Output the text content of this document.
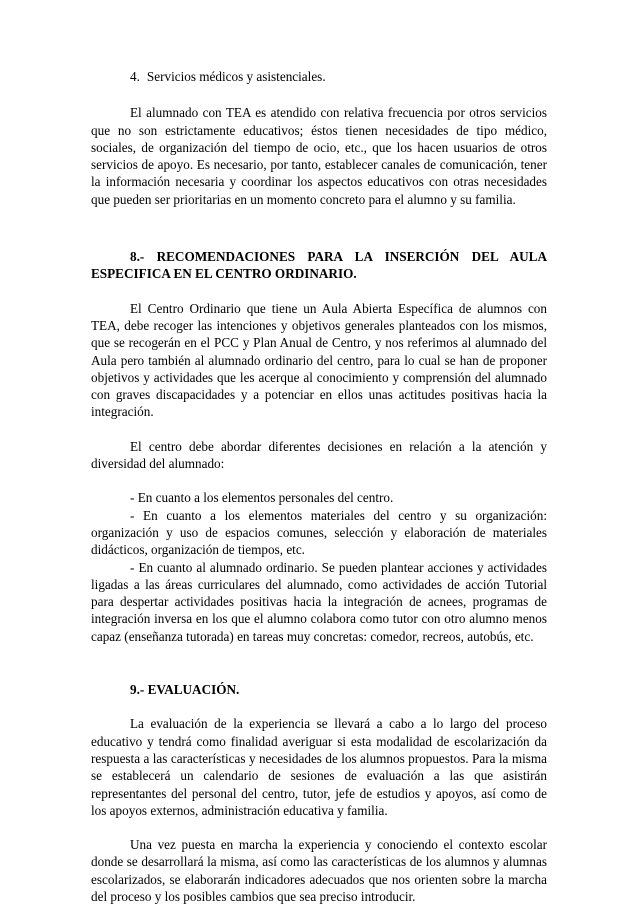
4. Servicios médicos y asistenciales.

El alumnado con TEA es atendido con relativa frecuencia por otros servicios que no son estrictamente educativos; éstos tienen necesidades de tipo médico, sociales, de organización del tiempo de ocio, etc., que los hacen usuarios de otros servicios de apoyo. Es necesario, por tanto, establecer canales de comunicación, tener la información necesaria y coordinar los aspectos educativos con otras necesidades que pueden ser prioritarias en un momento concreto para el alumno y su familia.

8.- RECOMENDACIONES PARA LA INSERCIÓN DEL AULA ESPECIFICA EN EL CENTRO ORDINARIO.

El Centro Ordinario que tiene un Aula Abierta Específica de alumnos con TEA, debe recoger las intenciones y objetivos generales planteados con los mismos, que se recogerán en el PCC y Plan Anual de Centro, y nos referimos al alumnado del Aula pero también al alumnado ordinario del centro, para lo cual se han de proponer objetivos y actividades que les acerque al conocimiento y comprensión del alumnado con graves discapacidades y a potenciar en ellos unas actitudes positivas hacia la integración.

El centro debe abordar diferentes decisiones en relación a la atención y diversidad del alumnado:

- En cuanto a los elementos personales del centro.

- En cuanto a los elementos materiales del centro y su organización: organización y uso de espacios comunes, selección y elaboración de materiales didácticos, organización de tiempos, etc.

- En cuanto al alumnado ordinario. Se pueden plantear acciones y actividades ligadas a las áreas curriculares del alumnado, como actividades de acción Tutorial para despertar actividades positivas hacia la integración de acnees, programas de integración inversa en los que el alumno colabora como tutor con otro alumno menos capaz (enseñanza tutorada) en tareas muy concretas: comedor, recreos, autobús, etc.

9.- EVALUACIÓN.

La evaluación de la experiencia se llevará a cabo a lo largo del proceso educativo y tendrá como finalidad averiguar si esta modalidad de escolarización da respuesta a las características y necesidades de los alumnos propuestos. Para la misma se establecerá un calendario de sesiones de evaluación a las que asistirán representantes del personal del centro, tutor, jefe de estudios y apoyos, así como de los apoyos externos, administración educativa y familia.

Una vez puesta en marcha la experiencia y conociendo el contexto escolar donde se desarrollará la misma, así como las características de los alumnos y alumnas escolarizados, se elaborarán indicadores adecuados que nos orienten sobre la marcha del proceso y los posibles cambios que sea preciso introducir.
